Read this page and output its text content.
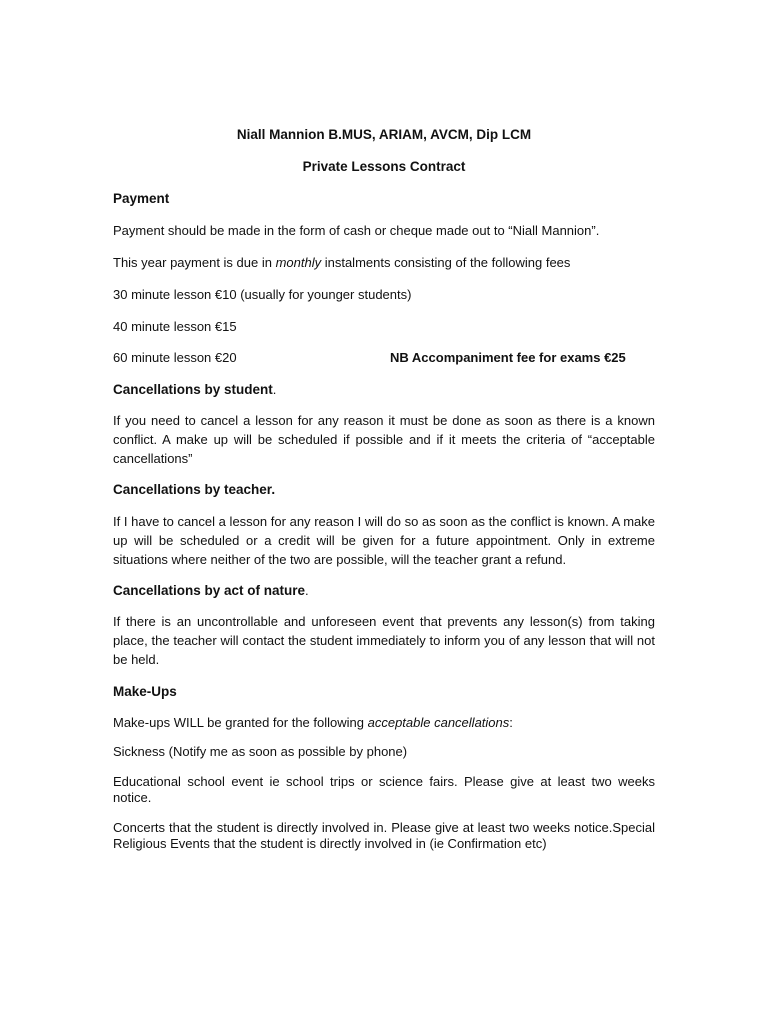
Niall Mannion B.MUS, ARIAM, AVCM, Dip LCM
Private Lessons Contract
Payment
Payment should be made in the form of cash or cheque made out to “Niall Mannion”.
This year payment is due in monthly instalments consisting of the following fees
30 minute lesson €10 (usually for younger students)
40 minute lesson €15
60 minute lesson €20	NB Accompaniment fee for exams €25
Cancellations by student.
If you need to cancel a lesson for any reason it must be done as soon as there is a known conflict. A make up will be scheduled if possible and if it meets the criteria of “acceptable cancellations”
Cancellations by teacher.
If I have to cancel a lesson for any reason I will do so as soon as the conflict is known. A make up will be scheduled or a credit will be given for a future appointment. Only in extreme situations where neither of the two are possible, will the teacher grant a refund.
Cancellations by act of nature.
If there is an uncontrollable and unforeseen event that prevents any lesson(s) from taking place, the teacher will contact the student immediately to inform you of any lesson that will not be held.
Make-Ups
Make-ups WILL be granted for the following acceptable cancellations:
Sickness (Notify me as soon as possible by phone)
Educational school event ie school trips or science fairs. Please give at least two weeks notice.
Concerts that the student is directly involved in. Please give at least two weeks notice.Special Religious Events that the student is directly involved in (ie Confirmation etc)
